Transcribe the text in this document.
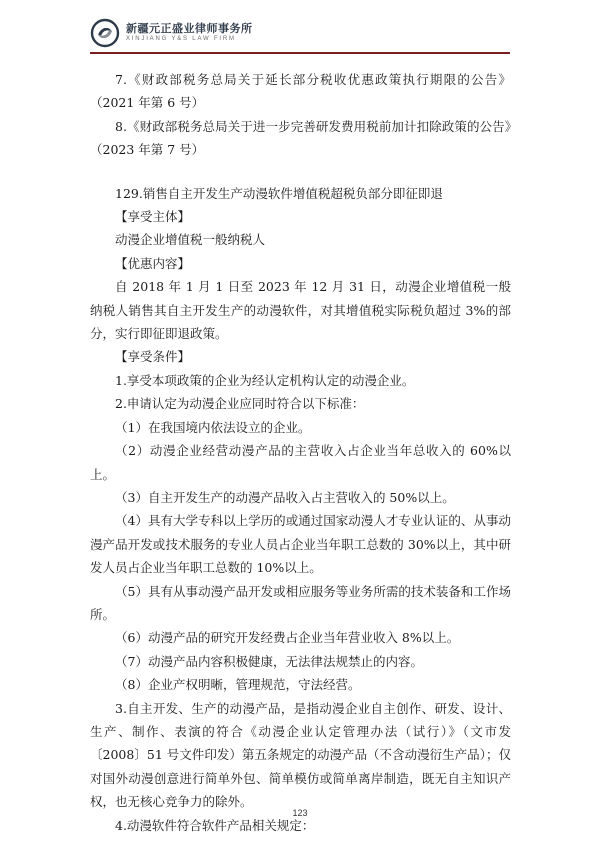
新疆元正盛业律师事务所
XINJIANG Y&S LAW FIRM

7.《财政部税务总局关于延长部分税收优惠政策执行期限的公告》（2021 年第 6 号）

8.《财政部税务总局关于进一步完善研发费用税前加计扣除政策的公告》（2023 年第 7 号）

129.销售自主开发生产动漫软件增值税超税负部分即征即退

【享受主体】

动漫企业增值税一般纳税人

【优惠内容】

自 2018 年 1 月 1 日至 2023 年 12 月 31 日，动漫企业增值税一般纳税人销售其自主开发生产的动漫软件，对其增值税实际税负超过 3%的部分，实行即征即退政策。

【享受条件】

1.享受本项政策的企业为经认定机构认定的动漫企业。

2.申请认定为动漫企业应同时符合以下标准：

（1）在我国境内依法设立的企业。

（2）动漫企业经营动漫产品的主营收入占企业当年总收入的 60%以上。

（3）自主开发生产的动漫产品收入占主营收入的 50%以上。

（4）具有大学专科以上学历的或通过国家动漫人才专业认证的、从事动漫产品开发或技术服务的专业人员占企业当年职工总数的 30%以上，其中研发人员占企业当年职工总数的 10%以上。

（5）具有从事动漫产品开发或相应服务等业务所需的技术装备和工作场所。

（6）动漫产品的研究开发经费占企业当年营业收入 8%以上。

（7）动漫产品内容积极健康，无法律法规禁止的内容。

（8）企业产权明晰，管理规范，守法经营。

3.自主开发、生产的动漫产品，是指动漫企业自主创作、研发、设计、生产、制作、表演的符合《动漫企业认定管理办法（试行）》（文市发〔2008〕51 号文件印发）第五条规定的动漫产品（不含动漫衍生产品）；仅对国外动漫创意进行简单外包、简单模仿或简单离岸制造，既无自主知识产权，也无核心竞争力的除外。

4.动漫软件符合软件产品相关规定：

123
